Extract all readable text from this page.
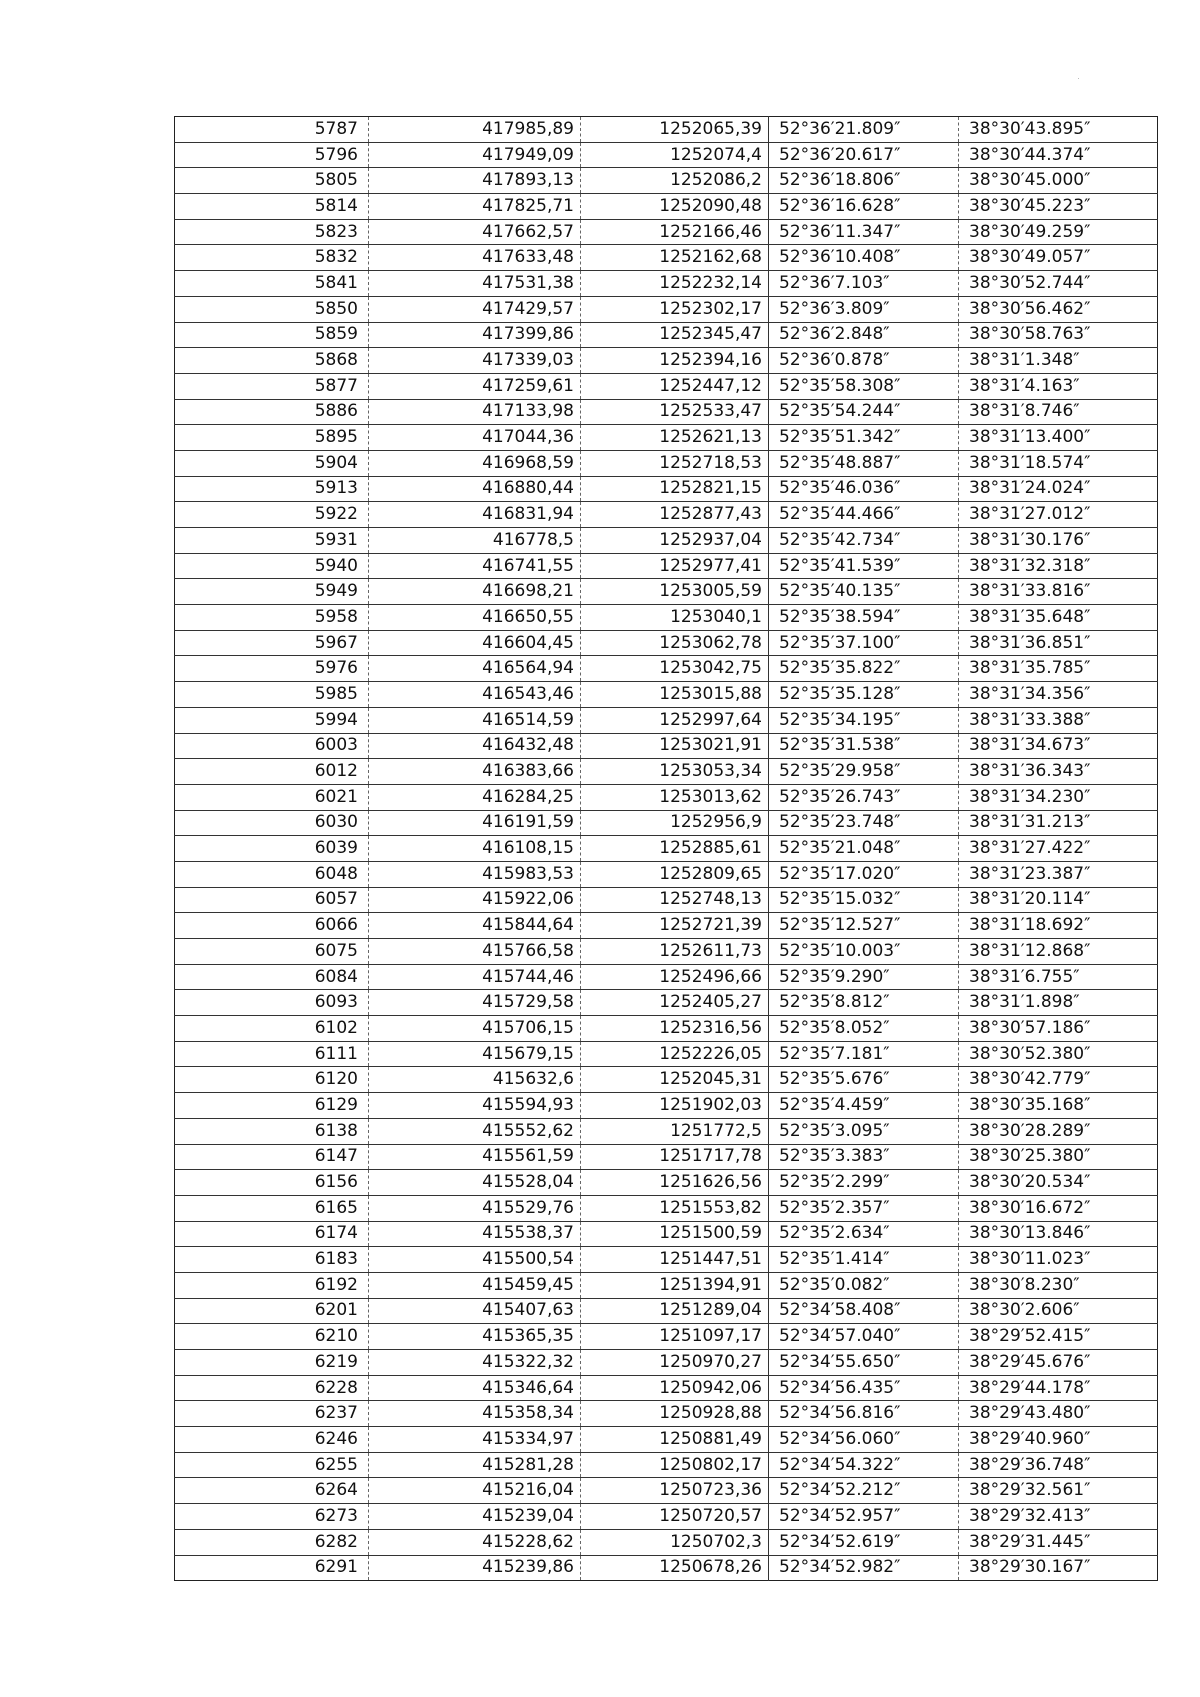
5787	417985,89	1252065,39	52°36′21.809″	38°30′43.895″
5796	417949,09	1252074,4	52°36′20.617″	38°30′44.374″
5805	417893,13	1252086,2	52°36′18.806″	38°30′45.000″
5814	417825,71	1252090,48	52°36′16.628″	38°30′45.223″
5823	417662,57	1252166,46	52°36′11.347″	38°30′49.259″
5832	417633,48	1252162,68	52°36′10.408″	38°30′49.057″
5841	417531,38	1252232,14	52°36′7.103″	38°30′52.744″
5850	417429,57	1252302,17	52°36′3.809″	38°30′56.462″
5859	417399,86	1252345,47	52°36′2.848″	38°30′58.763″
5868	417339,03	1252394,16	52°36′0.878″	38°31′1.348″
5877	417259,61	1252447,12	52°35′58.308″	38°31′4.163″
5886	417133,98	1252533,47	52°35′54.244″	38°31′8.746″
5895	417044,36	1252621,13	52°35′51.342″	38°31′13.400″
5904	416968,59	1252718,53	52°35′48.887″	38°31′18.574″
5913	416880,44	1252821,15	52°35′46.036″	38°31′24.024″
5922	416831,94	1252877,43	52°35′44.466″	38°31′27.012″
5931	416778,5	1252937,04	52°35′42.734″	38°31′30.176″
5940	416741,55	1252977,41	52°35′41.539″	38°31′32.318″
5949	416698,21	1253005,59	52°35′40.135″	38°31′33.816″
5958	416650,55	1253040,1	52°35′38.594″	38°31′35.648″
5967	416604,45	1253062,78	52°35′37.100″	38°31′36.851″
5976	416564,94	1253042,75	52°35′35.822″	38°31′35.785″
5985	416543,46	1253015,88	52°35′35.128″	38°31′34.356″
5994	416514,59	1252997,64	52°35′34.195″	38°31′33.388″
6003	416432,48	1253021,91	52°35′31.538″	38°31′34.673″
6012	416383,66	1253053,34	52°35′29.958″	38°31′36.343″
6021	416284,25	1253013,62	52°35′26.743″	38°31′34.230″
6030	416191,59	1252956,9	52°35′23.748″	38°31′31.213″
6039	416108,15	1252885,61	52°35′21.048″	38°31′27.422″
6048	415983,53	1252809,65	52°35′17.020″	38°31′23.387″
6057	415922,06	1252748,13	52°35′15.032″	38°31′20.114″
6066	415844,64	1252721,39	52°35′12.527″	38°31′18.692″
6075	415766,58	1252611,73	52°35′10.003″	38°31′12.868″
6084	415744,46	1252496,66	52°35′9.290″	38°31′6.755″
6093	415729,58	1252405,27	52°35′8.812″	38°31′1.898″
6102	415706,15	1252316,56	52°35′8.052″	38°30′57.186″
6111	415679,15	1252226,05	52°35′7.181″	38°30′52.380″
6120	415632,6	1252045,31	52°35′5.676″	38°30′42.779″
6129	415594,93	1251902,03	52°35′4.459″	38°30′35.168″
6138	415552,62	1251772,5	52°35′3.095″	38°30′28.289″
6147	415561,59	1251717,78	52°35′3.383″	38°30′25.380″
6156	415528,04	1251626,56	52°35′2.299″	38°30′20.534″
6165	415529,76	1251553,82	52°35′2.357″	38°30′16.672″
6174	415538,37	1251500,59	52°35′2.634″	38°30′13.846″
6183	415500,54	1251447,51	52°35′1.414″	38°30′11.023″
6192	415459,45	1251394,91	52°35′0.082″	38°30′8.230″
6201	415407,63	1251289,04	52°34′58.408″	38°30′2.606″
6210	415365,35	1251097,17	52°34′57.040″	38°29′52.415″
6219	415322,32	1250970,27	52°34′55.650″	38°29′45.676″
6228	415346,64	1250942,06	52°34′56.435″	38°29′44.178″
6237	415358,34	1250928,88	52°34′56.816″	38°29′43.480″
6246	415334,97	1250881,49	52°34′56.060″	38°29′40.960″
6255	415281,28	1250802,17	52°34′54.322″	38°29′36.748″
6264	415216,04	1250723,36	52°34′52.212″	38°29′32.561″
6273	415239,04	1250720,57	52°34′52.957″	38°29′32.413″
6282	415228,62	1250702,3	52°34′52.619″	38°29′31.445″
6291	415239,86	1250678,26	52°34′52.982″	38°29′30.167″
